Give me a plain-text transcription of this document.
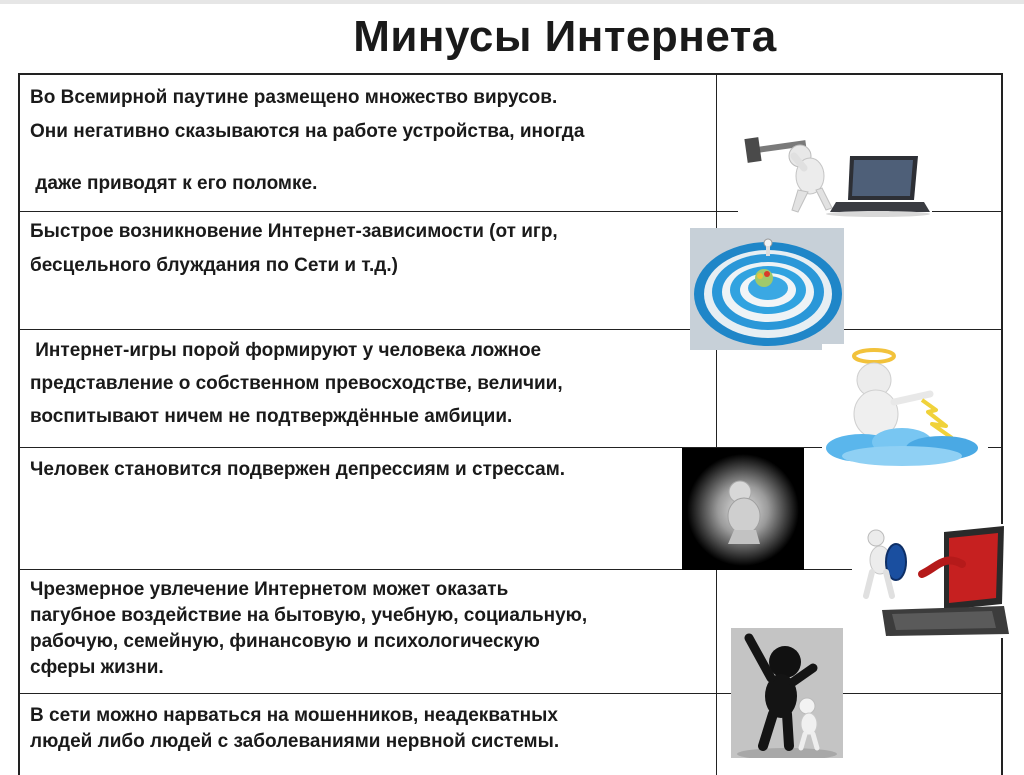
Минусы Интернета
Во Всемирной паутине размещено множество вирусов.
Они негативно сказываются на работе устройства, иногда
даже приводят к его поломке.
Быстрое возникновение Интернет-зависимости (от игр,
бесцельного блуждания по Сети и т.д.)
Интернет-игры порой формируют у человека ложное
представление о собственном превосходстве, величии,
воспитывают ничем не подтверждённые амбиции.
Человек становится подвержен депрессиям и стрессам.
Чрезмерное увлечение Интернетом может оказать
пагубное воздействие на бытовую, учебную, социальную,
рабочую, семейную, финансовую и психологическую
сферы жизни.
В сети можно нарваться на мошенников, неадекватных
людей либо людей с заболеваниями нервной системы.
